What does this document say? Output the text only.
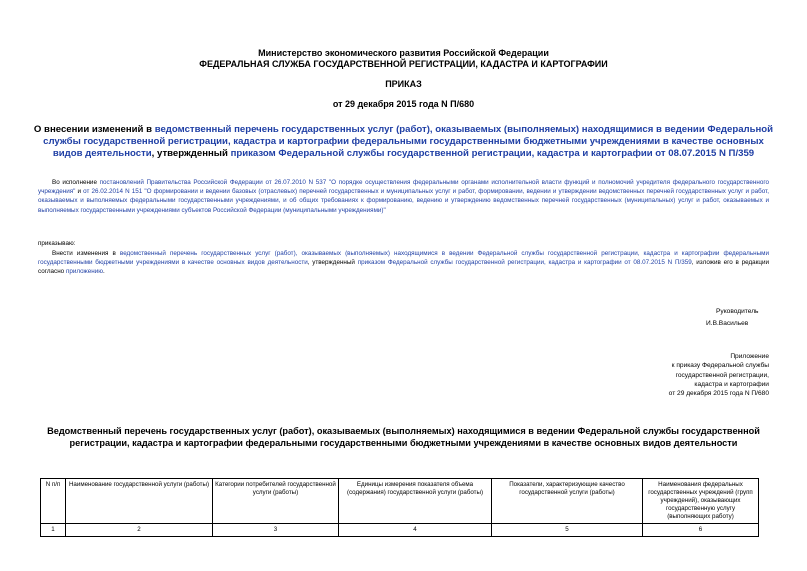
Министерство экономического развития Российской Федерации
ФЕДЕРАЛЬНАЯ СЛУЖБА ГОСУДАРСТВЕННОЙ РЕГИСТРАЦИИ, КАДАСТРА И КАРТОГРАФИИ
ПРИКАЗ
от 29 декабря 2015 года N П/680
О внесении изменений в ведомственный перечень государственных услуг (работ), оказываемых (выполняемых) находящимися в ведении Федеральной службы государственной регистрации, кадастра и картографии федеральными государственными бюджетными учреждениями в качестве основных видов деятельности, утвержденный приказом Федеральной службы государственной регистрации, кадастра и картографии от 08.07.2015 N П/359
Во исполнение постановлений Правительства Российской Федерации от 26.07.2010 N 537 "О порядке осуществления федеральными органами исполнительной власти функций и полномочий учредителя федерального государственного учреждения" и от 26.02.2014 N 151 "О формировании и ведении базовых (отраслевых) перечней государственных и муниципальных услуг и работ, формировании, ведении и утверждении ведомственных перечней государственных услуг и работ, оказываемых и выполняемых федеральными государственными учреждениями, и об общих требованиях к формированию, ведению и утверждению ведомственных перечней государственных (муниципальных) услуг и работ, оказываемых и выполняемых государственными учреждениями субъектов Российской Федерации (муниципальными учреждениями)"
приказываю:
Внести изменения в ведомственный перечень государственных услуг (работ), оказываемых (выполняемых) находящимися в ведении Федеральной службы государственной регистрации, кадастра и картографии федеральными государственными бюджетными учреждениями в качестве основных видов деятельности, утвержденный приказом Федеральной службы государственной регистрации, кадастра и картографии от 08.07.2015 N П/359, изложив его в редакции согласно приложению.
Руководитель
И.В.Васильев
Приложение
к приказу Федеральной службы
государственной регистрации,
кадастра и картографии
от 29 декабря 2015 года N П/680
Ведомственный перечень государственных услуг (работ), оказываемых (выполняемых) находящимися в ведении Федеральной службы государственной
регистрации, кадастра и картографии федеральными государственными бюджетными учреждениями в качестве основных видов деятельности
N п/п	Наименование государственной услуги (работы)	Категории потребителей государственной услуги (работы)	Единицы измерения показателя объема (содержания) государственной услуги (работы)	Показатели, характеризующие качество государственной услуги (работы)	Наименования федеральных государственных учреждений (групп учреждений), оказывающих государственную услугу (выполняющих работу)
1	2	3	4	5	6
